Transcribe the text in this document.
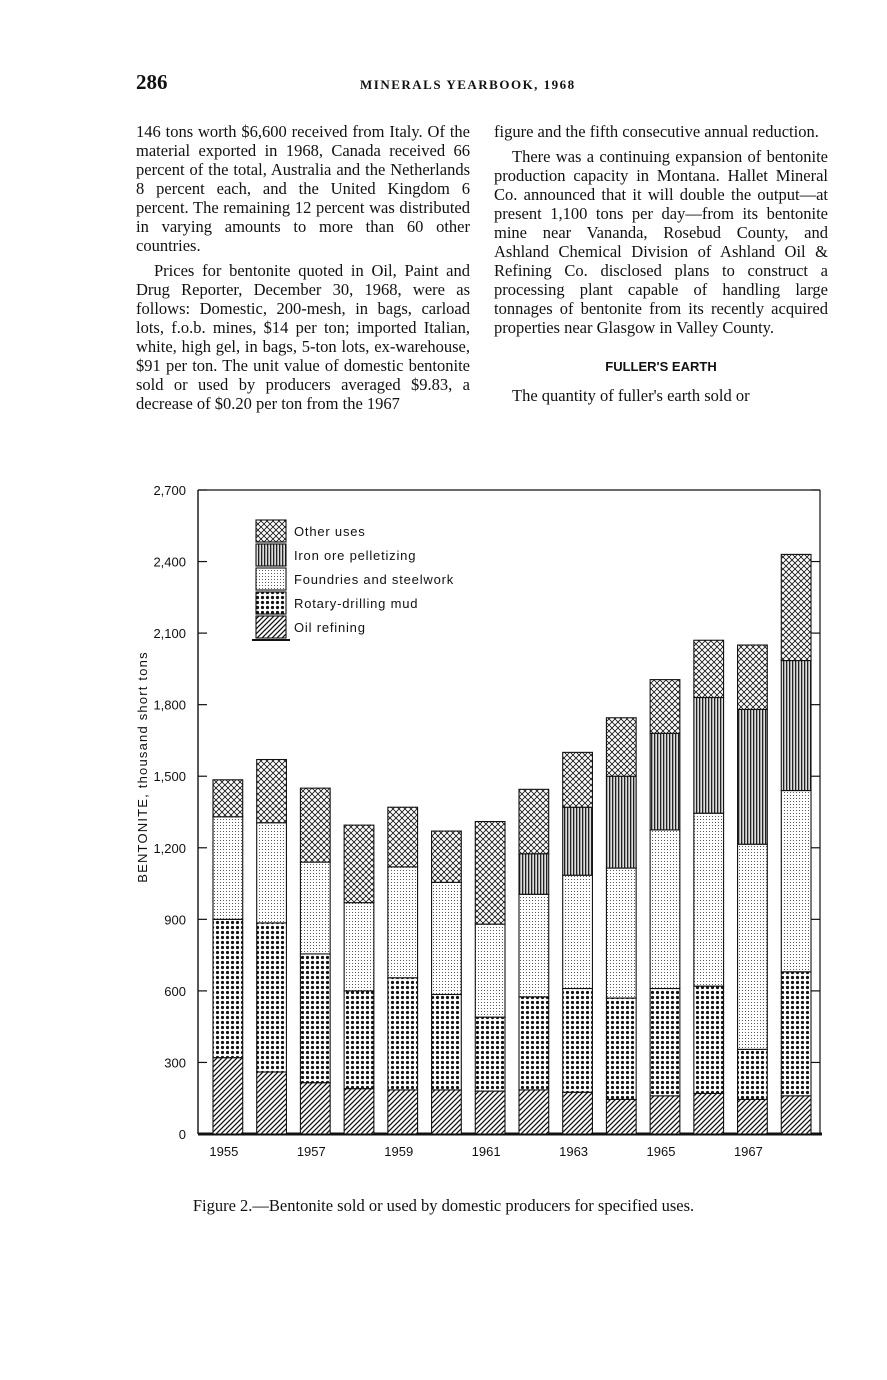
286	MINERALS YEARBOOK, 1968

146 tons worth $6,600 received from Italy. Of the material exported in 1968, Canada received 66 percent of the total, Australia and the Netherlands 8 percent each, and the United Kingdom 6 percent. The remaining 12 percent was distributed in varying amounts to more than 60 other countries.

Prices for bentonite quoted in Oil, Paint and Drug Reporter, December 30, 1968, were as follows: Domestic, 200-mesh, in bags, carload lots, f.o.b. mines, $14 per ton; imported Italian, white, high gel, in bags, 5-ton lots, ex-warehouse, $91 per ton. The unit value of domestic bentonite sold or used by producers averaged $9.83, a decrease of $0.20 per ton from the 1967

figure and the fifth consecutive annual reduction.

There was a continuing expansion of bentonite production capacity in Montana. Hallet Mineral Co. announced that it will double the output—at present 1,100 tons per day—from its bentonite mine near Vananda, Rosebud County, and Ashland Chemical Division of Ashland Oil & Refining Co. disclosed plans to construct a processing plant capable of handling large tonnages of bentonite from its recently acquired properties near Glasgow in Valley County.

FULLER'S EARTH

The quantity of fuller's earth sold or

0
300
600
900
1,200
1,500
1,800
2,100
2,400
2,700
BENTONITE, thousand short tons
1955	1957	1959	1961	1963	1965	1967
Other uses
Iron ore pelletizing
Foundries and steelwork
Rotary-drilling mud
Oil refining
Figure 2.—Bentonite sold or used by domestic producers for specified uses.
